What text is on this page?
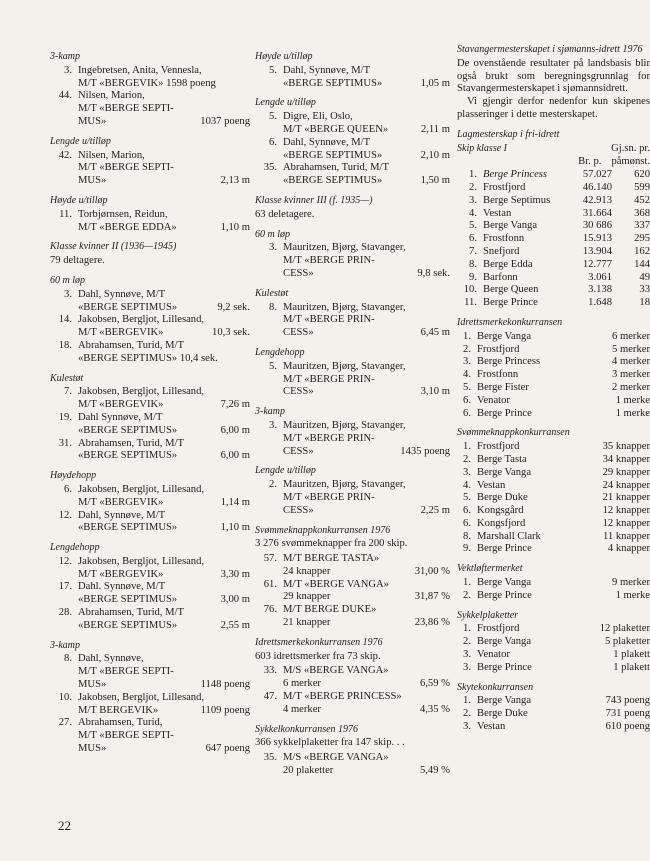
3-kamp
3. Ingebretsen, Anita, Vennesla,
M/T «BERGEVIK» 1598 poeng
44. Nilsen, Marion,
M/T «BERGE SEPTI-
MUS»	1037 poeng
Lengde u/tilløp
42. Nilsen, Marion,
M/T «BERGE SEPTI-
MUS»	2,13 m
Høyde u/tilløp
11. Torbjørnsen, Reidun,
M/T «BERGE EDDA»	1,10 m
Klasse kvinner II (1936—1945)
79 deltagere.
60 m løp
3. Dahl, Synnøve, M/T
«BERGE SEPTIMUS»	9,2 sek.
14. Jakobsen, Bergljot, Lillesand,
M/T «BERGEVIK»	10,3 sek.
18. Abrahamsen, Turid, M/T
«BERGE SEPTIMUS» 10,4 sek.
Kulestøt
7. Jakobsen, Bergljot, Lillesand,
M/T «BERGEVIK»	7,26 m
19. Dahl Synnøve, M/T
«BERGE SEPTIMUS»	6,00 m
31. Abrahamsen, Turid, M/T
«BERGE SEPTIMUS»	6,00 m
Høydehopp
6. Jakobsen, Bergljot, Lillesand,
M/T «BERGEVIK»	1,14 m
12. Dahl, Synnøve, M/T
«BERGE SEPTIMUS»	1,10 m
Lengdehopp
12. Jakobsen, Bergljot, Lillesand,
M/T «BERGEVIK»	3,30 m
17. Dahl. Synnøve, M/T
«BERGE SEPTIMUS»	3,00 m
28. Abrahamsen, Turid, M/T
«BERGE SEPTIMUS»	2,55 m
3-kamp
8. Dahl, Synnøve,
M/T «BERGE SEPTI-
MUS»	1148 poeng
10. Jakobsen, Bergljot, Lillesand,
M/T BERGEVIK»	1109 poeng
27. Abrahamsen, Turid,
M/T «BERGE SEPTI-
MUS»	647 poeng
Høyde u/tilløp
5. Dahl, Synnøve, M/T
«BERGE SEPTIMUS»	1,05 m
Lengde u/tilløp
5. Digre, Eli, Oslo,
M/T «BERGE QUEEN»	2,11 m
6. Dahl, Synnøve, M/T
«BERGE SEPTIMUS»	2,10 m
35. Abrahamsen, Turid, M/T
«BERGE SEPTIMUS»	1,50 m
Klasse kvinner III (f. 1935—)
63 deletagere.
60 m løp
3. Mauritzen, Bjørg, Stavanger,
M/T «BERGE PRIN-
CESS»	9,8 sek.
Kulestøt
8. Mauritzen, Bjørg, Stavanger,
M/T «BERGE PRIN-
CESS»	6,45 m
Lengdehopp
5. Mauritzen, Bjørg, Stavanger,
M/T «BERGE PRIN-
CESS»	3,10 m
3-kamp
3. Mauritzen, Bjørg, Stavanger,
M/T «BERGE PRIN-
CESS»	1435 poeng
Lengde u/tilløp
2. Mauritzen, Bjørg, Stavanger,
M/T «BERGE PRIN-
CESS»	2,25 m
Svømmeknappkonkurransen 1976
3 276 svømmeknapper fra 200 skip.
57. M/T BERGE TASTA»
24 knapper	31,00 %
61. M/T «BERGE VANGA»
29 knapper	31,87 %
76. M/T BERGE DUKE»
21 knapper	23,86 %
Idrettsmerkekonkurransen 1976
603 idrettsmerker fra 73 skip.
33. M/S «BERGE VANGA»
6 merker	6,59 %
47. M/T «BERGE PRINCESS»
4 merker	4,35 %
Sykkelkonkurransen 1976
366 sykkelplaketter fra 147 skip. . .
35. M/S «BERGE VANGA»
20 plaketter	5,49 %
Stavangermesterskapet i sjømanns-idrett 1976
De ovenstående resultater på landsbasis blir også brukt som beregningsgrunnlag for Stavangermesterskapet i sjømannsidrett.
Vi gjengir derfor nedenfor kun skipenes plasseringer i dette mesterskapet.
Lagmesterskap i fri-idrett
Skip klasse I	Gj.sn. pr.
Br. p. påmønst.
1. Berge Princess	57.027	620
2. Frostfjord	46.140	599
3. Berge Septimus	42.913	452
4. Vestan	31.664	368
5. Berge Vanga	30 686	337
6. Frostfonn	15.913	295
7. Snefjord	13.904	162
8. Berge Edda	12.777	144
9. Barfonn	3.061	49
10. Berge Queen	3.138	33
11. Berge Prince	1.648	18
Idrettsmerkekonkurransen
1. Berge Vanga	6 merker
2. Frostfjord	5 merker
3. Berge Princess	4 merker
4. Frostfonn	3 merker
5. Berge Fister	2 merker
6. Venator	1 merke
6. Berge Prince	1 merke
Svømmeknappkonkurransen
1. Frostfjord	35 knapper
2. Berge Tasta	34 knapper
3. Berge Vanga	29 knapper
4. Vestan	24 knapper
5. Berge Duke	21 knapper
6. Kongsgård	12 knapper
6. Kongsfjord	12 knapper
8. Marshall Clark	11 knapper
9. Berge Prince	4 knapper
Vektløftermerket
1. Berge Vanga	9 merker
2. Berge Prince	1 merke
Sykkelplaketter
1. Frostfjord	12 plaketter
2. Berge Vanga	5 plaketter
3. Venator	1 plakett
3. Berge Prince	1 plakett
Skytekonkurransen
1. Berge Vanga	743 poeng
2. Berge Duke	731 poeng
3. Vestan	610 poeng
22
